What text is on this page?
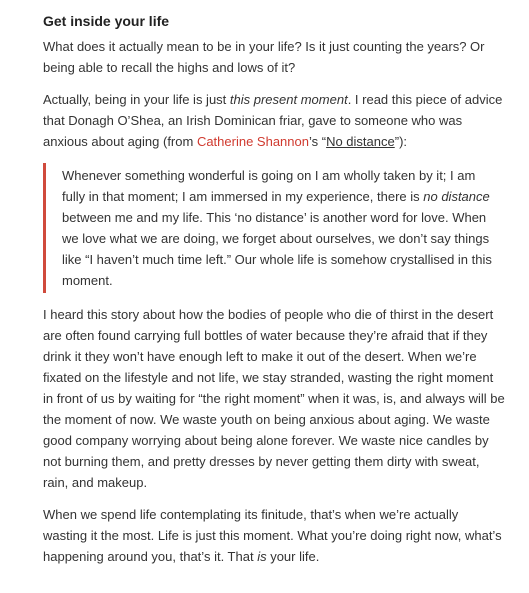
Get inside your life

What does it actually mean to be in your life? Is it just counting the years? Or being able to recall the highs and lows of it?

Actually, being in your life is just this present moment. I read this piece of advice that Donagh O’Shea, an Irish Dominican friar, gave to someone who was anxious about aging (from Catherine Shannon’s “No distance”):

Whenever something wonderful is going on I am wholly taken by it; I am fully in that moment; I am immersed in my experience, there is no distance between me and my life. This ‘no distance’ is another word for love. When we love what we are doing, we forget about ourselves, we don’t say things like “I haven’t much time left.” Our whole life is somehow crystallised in this moment.

I heard this story about how the bodies of people who die of thirst in the desert are often found carrying full bottles of water because they’re afraid that if they drink it they won’t have enough left to make it out of the desert. When we’re fixated on the lifestyle and not life, we stay stranded, wasting the right moment in front of us by waiting for “the right moment” when it was, is, and always will be the moment of now. We waste youth on being anxious about aging. We waste good company worrying about being alone forever. We waste nice candles by not burning them, and pretty dresses by never getting them dirty with sweat, rain, and makeup.

When we spend life contemplating its finitude, that’s when we’re actually wasting it the most. Life is just this moment. What you’re doing right now, what’s happening around you, that’s it. That is your life.
